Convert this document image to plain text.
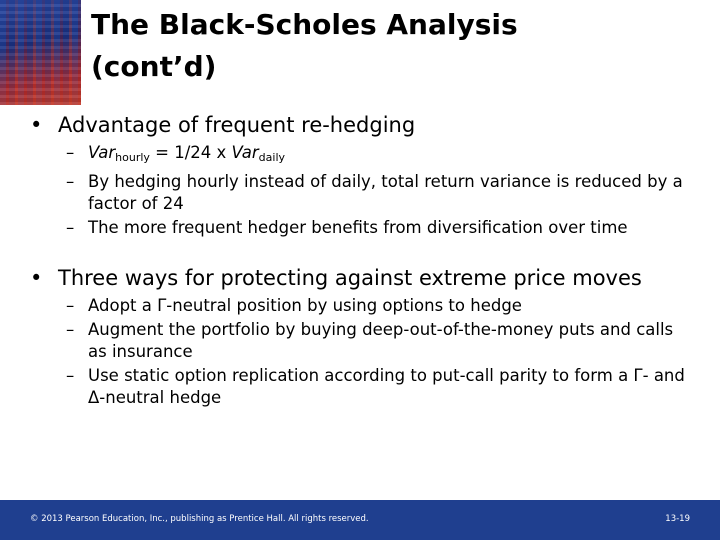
The Black-Scholes Analysis
(cont’d)

• Advantage of frequent re-hedging

– Var$_{hourly}$ = 1/24 x Var$_{daily}$
– By hedging hourly instead of daily, total return variance is reduced by a factor of 24
– The more frequent hedger benefits from diversification over time

• Three ways for protecting against extreme price moves

– Adopt a Γ-neutral position by using options to hedge
– Augment the portfolio by buying deep-out-of-the-money puts and calls as insurance
– Use static option replication according to put-call parity to form a Γ- and Δ-neutral hedge
© 2013 Pearson Education, Inc., publishing as Prentice Hall. All rights reserved.	13-19
